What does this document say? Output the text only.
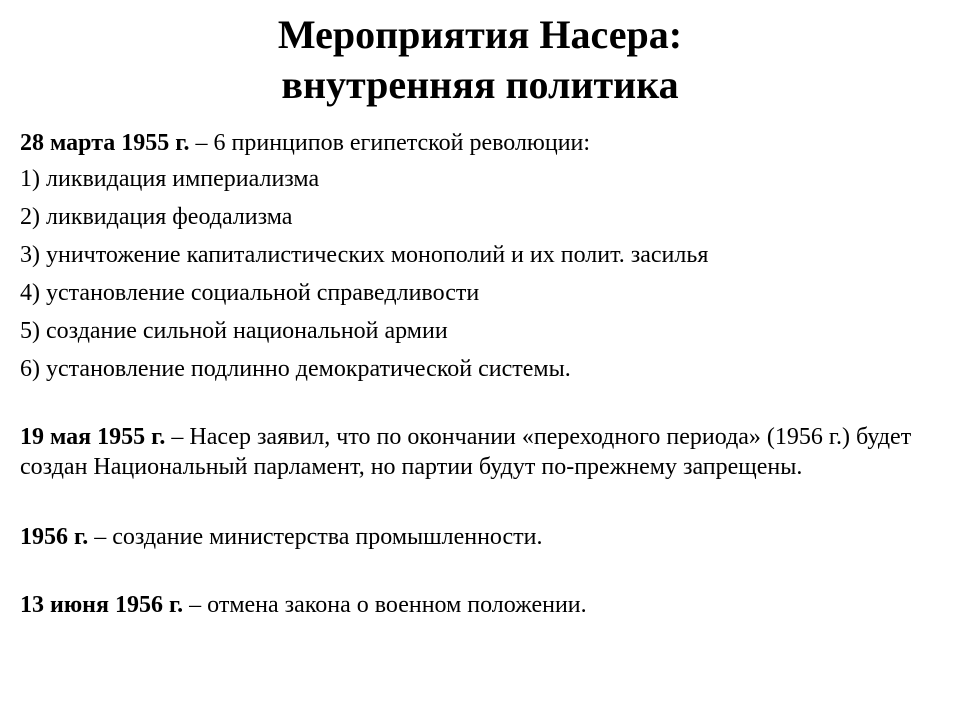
Мероприятия Насера:
внутренняя политика

28 марта 1955 г. – 6 принципов египетской революции:

1) ликвидация империализма

2) ликвидация феодализма

3) уничтожение капиталистических монополий и их полит. засилья

4) установление социальной справедливости

5) создание сильной национальной армии

6) установление подлинно демократической системы.

19 мая 1955 г. – Насер заявил, что по окончании «переходного периода» (1956 г.) будет создан Национальный парламент, но партии будут по-прежнему запрещены.

1956 г. – создание министерства промышленности.

13 июня 1956 г. – отмена закона о военном положении.
